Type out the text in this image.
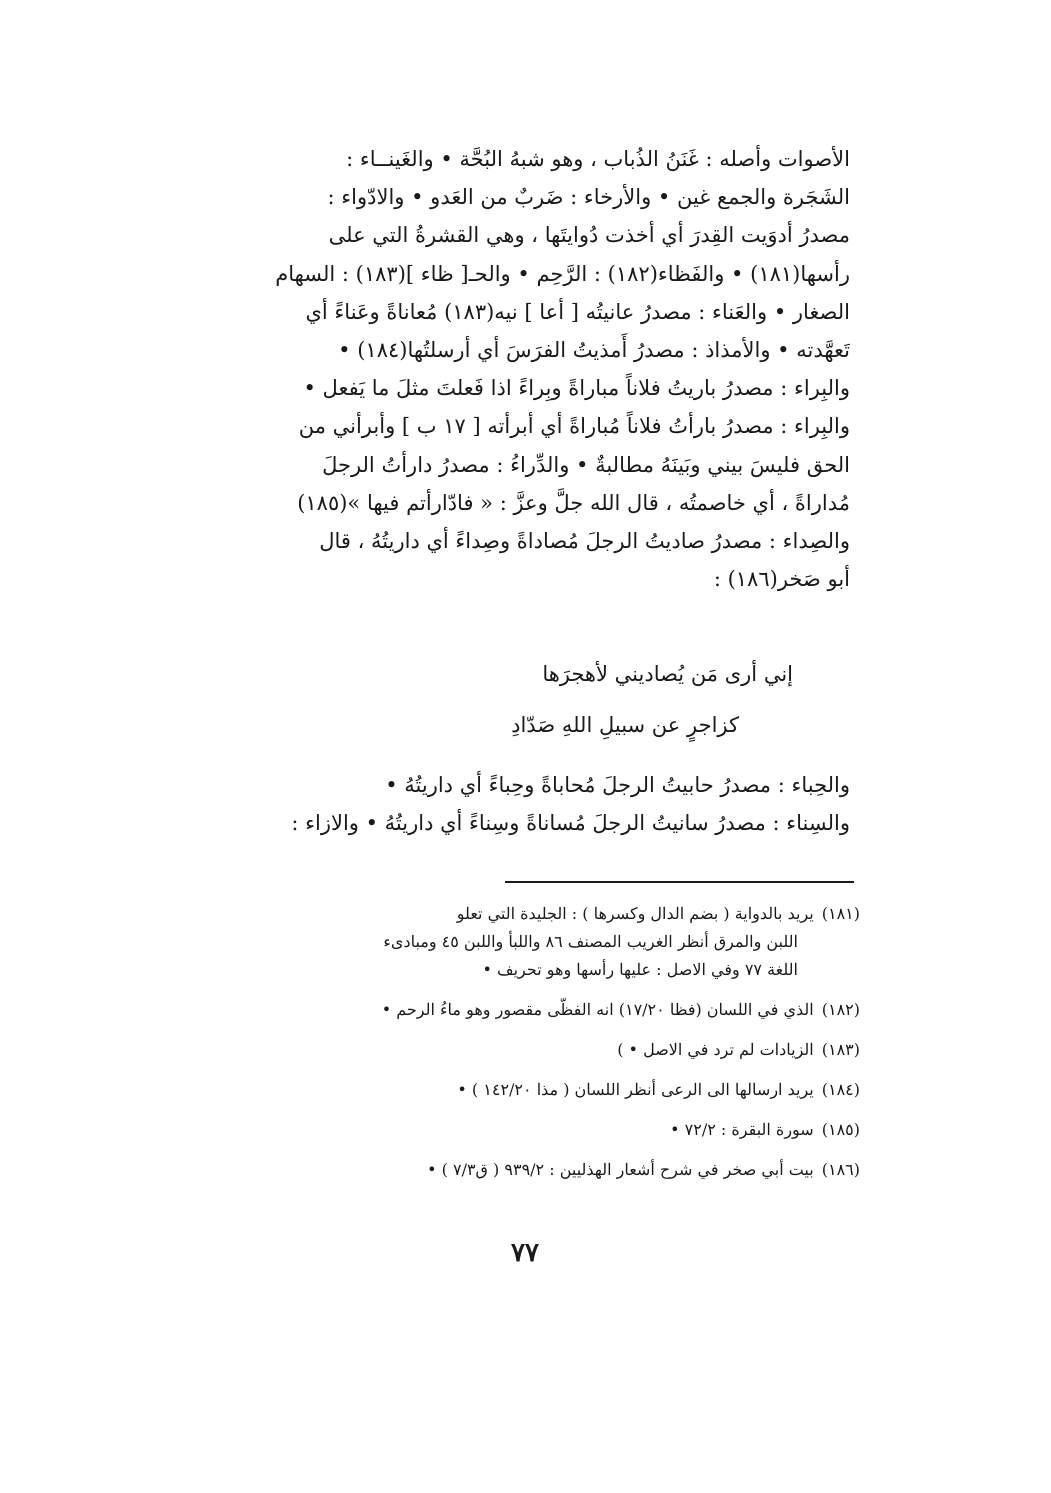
الأصوات وأصله : غَنَنُ الذُباب ، وهو شبهُ البُحَّة • والغَينــاء :

الشَجَرة والجمع غين • والأرخاء : ضَربٌ من العَدو • والادّواء :

مصدرُ أدوَيت القِدرَ أي أخذت دُوايتَها ، وهي القشرةُ التي على

رأسها(١٨١) • والفَظاء(١٨٢) : الرَّحِم • والحـ[ ظاء ](١٨٣) : السهام

الصغار • والعَناء : مصدرُ عانيتُه [ أعا ] نيه(١٨٣) مُعاناةً وعَناءً أي

تَعهَّدته • والأمذاذ : مصدرُ أَمذيتُ الفرَسَ أي أرسلتُها(١٨٤) •

والبِراء : مصدرُ باريتُ فلاناً مباراةً وبِراءً اذا فَعلتَ مثلَ ما يَفعل •

والبِراء : مصدرُ بارأتُ فلاناً مُباراةً أي أبرأته [ ١٧ ب ] وأبرأني من

الحق فليسَ بيني وبَينَهُ مطالبةٌ • والدِّراءُ : مصدرُ دارأتُ الرجلَ

مُداراةً ، أي خاصمتُه ، قال الله جلَّ وعزَّ : « فادّارأتم فيها »(١٨٥)

والصِداء : مصدرُ صاديتُ الرجلَ مُصاداةً وصِداءً أي داريتُهُ ، قال

أبو صَخر(١٨٦) :

إني أرى مَن يُصاديني لأهجرَها
كزاجرٍ عن سبيلِ اللهِ صَدّادِ

والحِباء : مصدرُ حابيتُ الرجلَ مُحاباةً وحِباءً أي داريتُهُ •

والسِناء : مصدرُ سانيتُ الرجلَ مُساناةً وسِناءً أي داريتُهُ • والازاء :

(١٨١)يريد بالدواية ( بضم الدال وكسرها ) : الجليدة التي تعلو
اللبن والمرق أنظر الغريب المصنف ٨٦ واللبأ واللبن ٤٥ ومبادىء
اللغة ٧٧ وفي الاصل : عليها رأسها وهو تحريف •
(١٨٢)الذي في اللسان (فظا ١٧/٢٠) انه الفظّى مقصور وهو ماءُ الرحم •
(١٨٣)الزيادات لم ترد في الاصل • )
(١٨٤)يريد ارسالها الى الرعى أنظر اللسان ( مذا ١٤٢/٢٠ ) •
(١٨٥)سورة البقرة : ٧٢/٢ •
(١٨٦)بيت أبي صخر في شرح أشعار الهذليين : ٩٣٩/٢ ( ق٧/٣ ) •
٧٧
